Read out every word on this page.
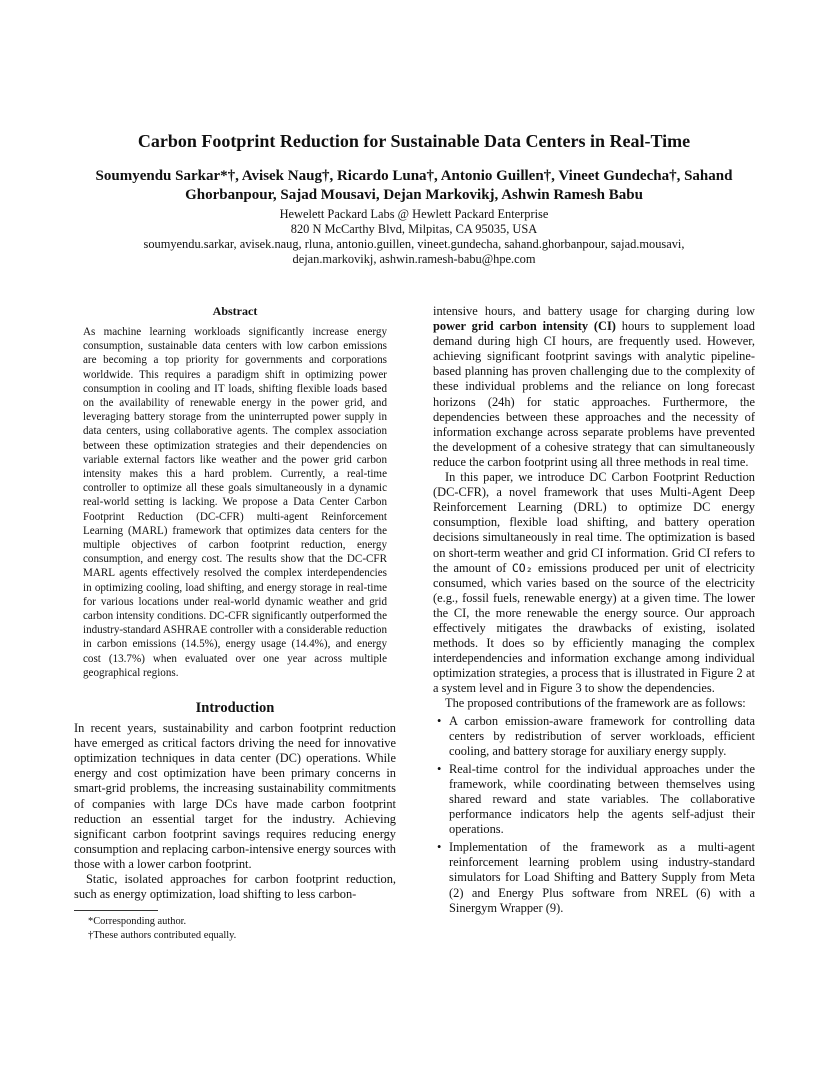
Carbon Footprint Reduction for Sustainable Data Centers in Real-Time
Soumyendu Sarkar*†, Avisek Naug†, Ricardo Luna†, Antonio Guillen†, Vineet Gundecha†, Sahand
Ghorbanpour, Sajad Mousavi, Dejan Markovikj, Ashwin Ramesh Babu
Hewelett Packard Labs @ Hewlett Packard Enterprise
820 N McCarthy Blvd, Milpitas, CA 95035, USA
soumyendu.sarkar, avisek.naug, rluna, antonio.guillen, vineet.gundecha, sahand.ghorbanpour, sajad.mousavi,
dejan.markovikj, ashwin.ramesh-babu@hpe.com
Abstract
As machine learning workloads significantly increase energy consumption, sustainable data centers with low carbon emissions are becoming a top priority for governments and corporations worldwide. This requires a paradigm shift in optimizing power consumption in cooling and IT loads, shifting flexible loads based on the availability of renewable energy in the power grid, and leveraging battery storage from the uninterrupted power supply in data centers, using collaborative agents. The complex association between these optimization strategies and their dependencies on variable external factors like weather and the power grid carbon intensity makes this a hard problem. Currently, a real-time controller to optimize all these goals simultaneously in a dynamic real-world setting is lacking. We propose a Data Center Carbon Footprint Reduction (DC-CFR) multi-agent Reinforcement Learning (MARL) framework that optimizes data centers for the multiple objectives of carbon footprint reduction, energy consumption, and energy cost. The results show that the DC-CFR MARL agents effectively resolved the complex interdependencies in optimizing cooling, load shifting, and energy storage in real-time for various locations under real-world dynamic weather and grid carbon intensity conditions. DC-CFR significantly outperformed the industry-standard ASHRAE controller with a considerable reduction in carbon emissions (14.5%), energy usage (14.4%), and energy cost (13.7%) when evaluated over one year across multiple geographical regions.
Introduction

In recent years, sustainability and carbon footprint reduction have emerged as critical factors driving the need for innovative optimization techniques in data center (DC) operations. While energy and cost optimization have been primary concerns in smart-grid problems, the increasing sustainability commitments of companies with large DCs have made carbon footprint reduction an essential target for the industry. Achieving significant carbon footprint savings requires reducing energy consumption and replacing carbon-intensive energy sources with those with a lower carbon footprint.

Static, isolated approaches for carbon footprint reduction, such as energy optimization, load shifting to less carbon-

*Corresponding author.
†These authors contributed equally.

intensive hours, and battery usage for charging during low power grid carbon intensity (CI) hours to supplement load demand during high CI hours, are frequently used. However, achieving significant footprint savings with analytic pipeline-based planning has proven challenging due to the complexity of these individual problems and the reliance on long forecast horizons (24h) for static approaches. Furthermore, the dependencies between these approaches and the necessity of information exchange across separate problems have prevented the development of a cohesive strategy that can simultaneously reduce the carbon footprint using all three methods in real time.

In this paper, we introduce DC Carbon Footprint Reduction (DC-CFR), a novel framework that uses Multi-Agent Deep Reinforcement Learning (DRL) to optimize DC energy consumption, flexible load shifting, and battery operation decisions simultaneously in real time. The optimization is based on short-term weather and grid CI information. Grid CI refers to the amount of CO₂ emissions produced per unit of electricity consumed, which varies based on the source of the electricity (e.g., fossil fuels, renewable energy) at a given time. The lower the CI, the more renewable the energy source. Our approach effectively mitigates the drawbacks of existing, isolated methods. It does so by efficiently managing the complex interdependencies and information exchange among individual optimization strategies, a process that is illustrated in Figure 2 at a system level and in Figure 3 to show the dependencies.

The proposed contributions of the framework are as follows:

• A carbon emission-aware framework for controlling data centers by redistribution of server workloads, efficient cooling, and battery storage for auxiliary energy supply.
• Real-time control for the individual approaches under the framework, while coordinating between themselves using shared reward and state variables. The collaborative performance indicators help the agents self-adjust their operations.
• Implementation of the framework as a multi-agent reinforcement learning problem using industry-standard simulators for Load Shifting and Battery Supply from Meta (2) and Energy Plus software from NREL (6) with a Sinergym Wrapper (9).
